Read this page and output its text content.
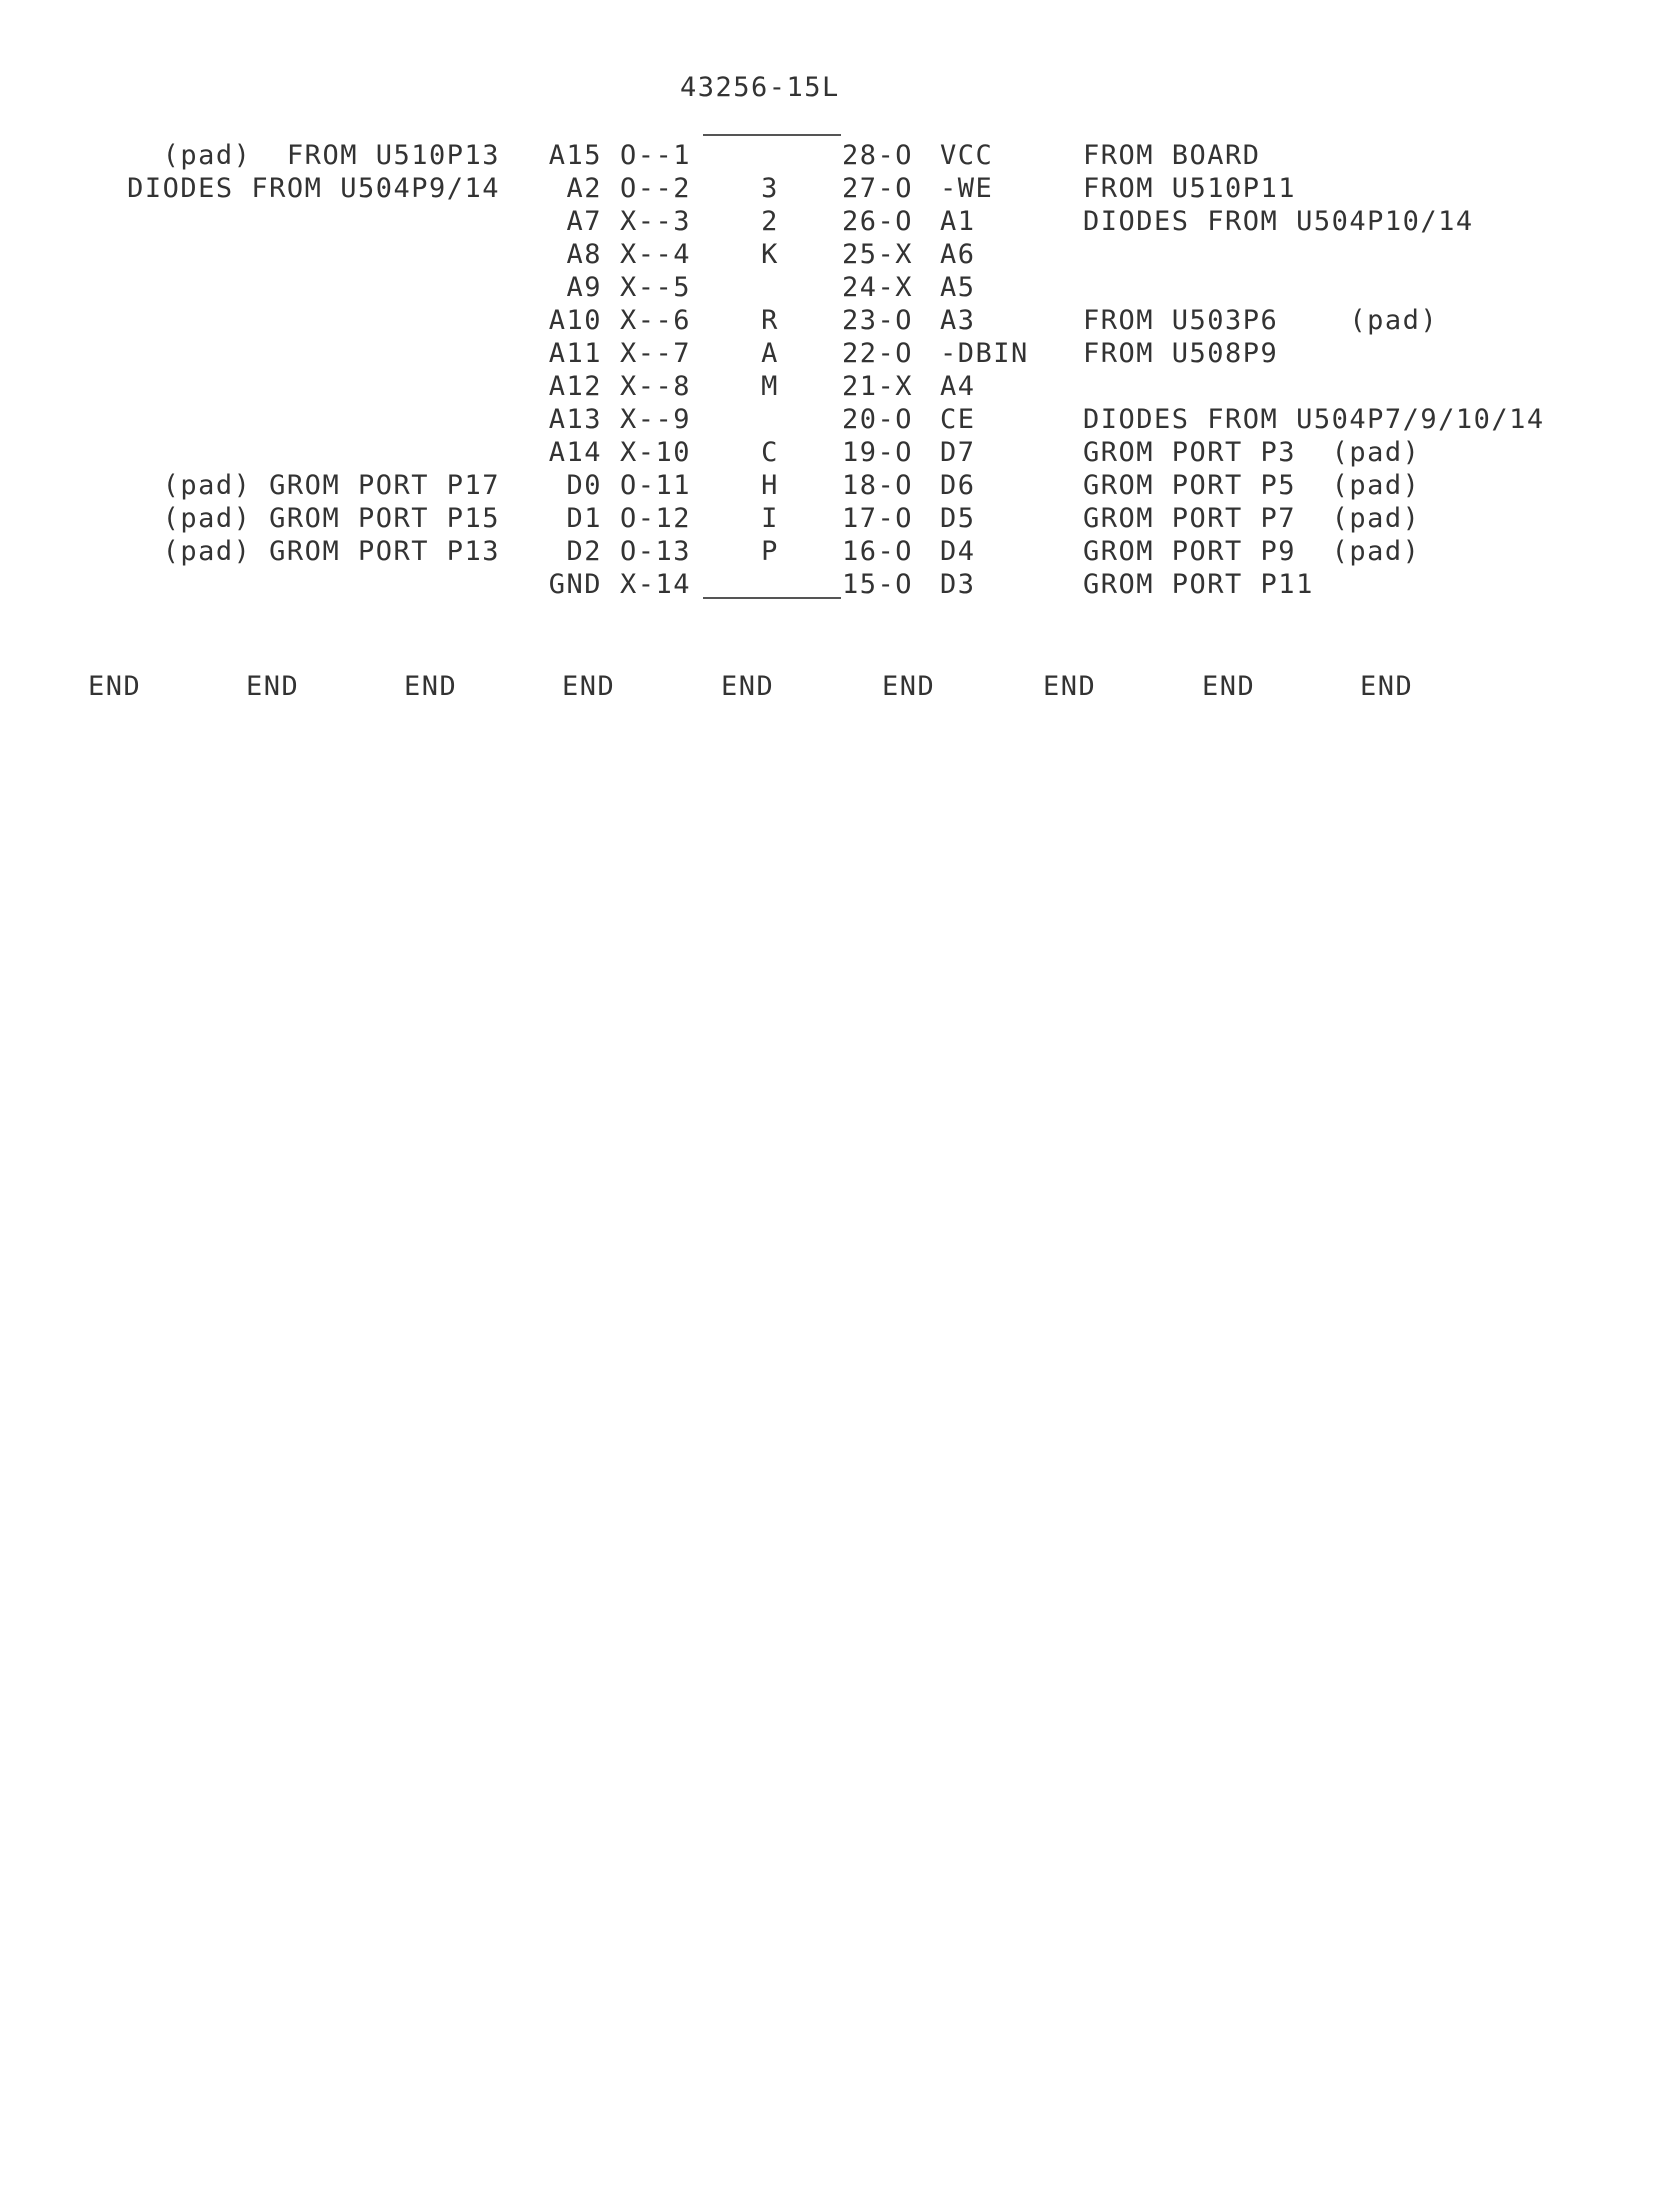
43256-15L
(pad)  FROM U510P13	A15 O--1	28-O VCC	FROM BOARD
DIODES FROM U504P9/14	A2 O--2	3 27-O -WE	FROM U510P11
A7 X--3	2 26-O A1	DIODES FROM U504P10/14
A8 X--4	K 25-X A6
A9 X--5	24-X A5
A10 X--6	R 23-O A3	FROM U503P6    (pad)
A11 X--7	A 22-O -DBIN	FROM U508P9
A12 X--8	M 21-X A4
A13 X--9	20-O CE	DIODES FROM U504P7/9/10/14
A14 X-10	C 19-O D7	GROM PORT P3  (pad)
(pad) GROM PORT P17	D0 O-11	H 18-O D6	GROM PORT P5  (pad)
(pad) GROM PORT P15	D1 O-12	I 17-O D5	GROM PORT P7  (pad)
(pad) GROM PORT P13	D2 O-13	P 16-O D4	GROM PORT P9  (pad)
GND X-14	15-O D3	GROM PORT P11
END	END	END	END	END	END	END	END	END
